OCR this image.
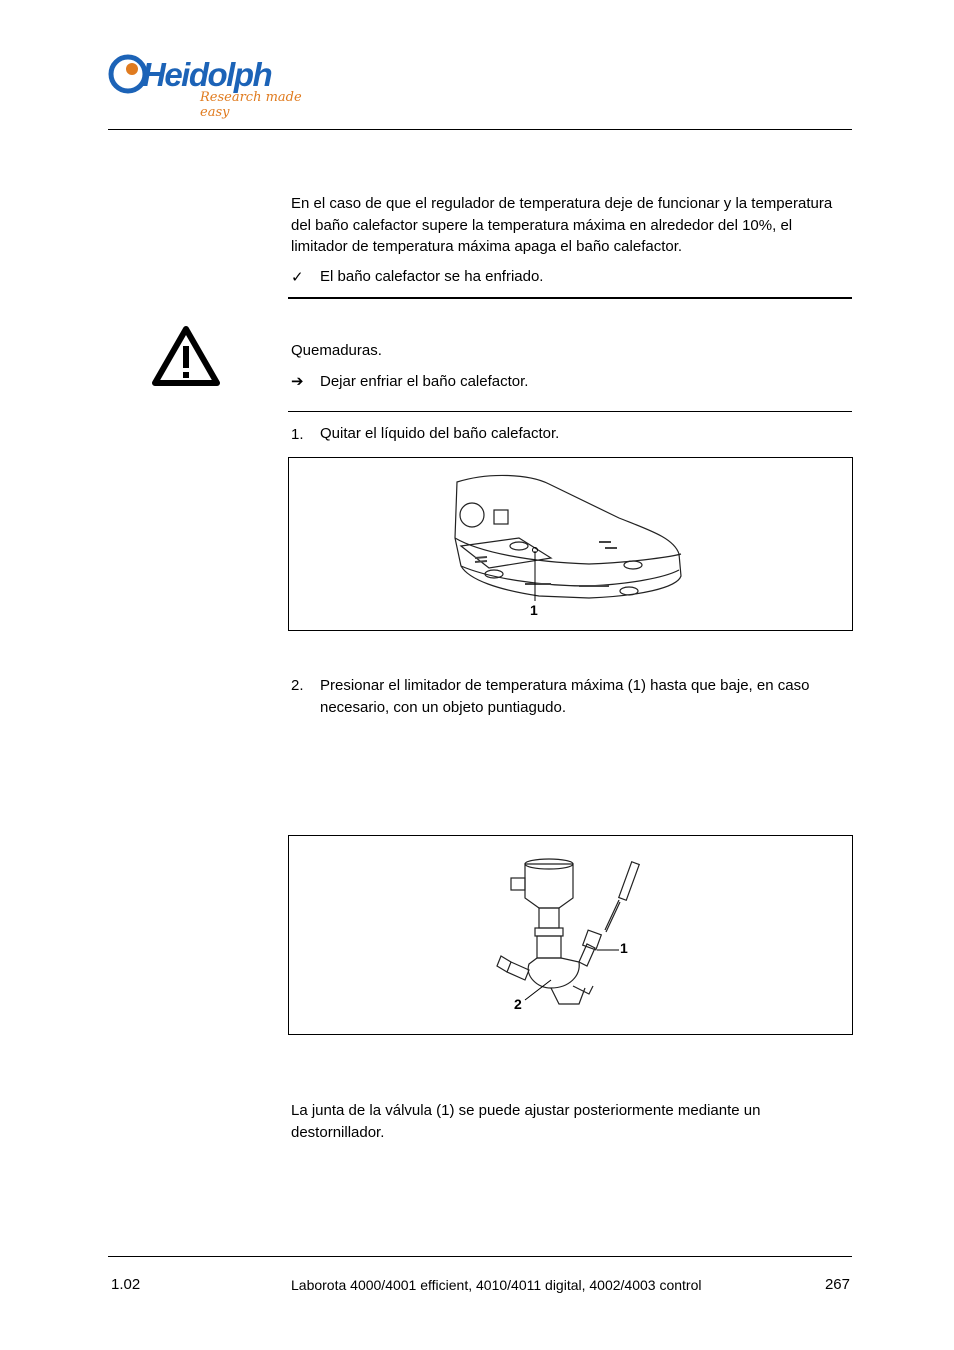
Heidolph
Research made easy
En el caso de que el regulador de temperatura deje de funcionar y la temperatura del baño calefactor supere la temperatura máxima en alrededor del 10%, el limitador de temperatura máxima apaga el baño calefactor.
✓ El baño calefactor se ha enfriado.
Quemaduras.
➔ Dejar enfriar el baño calefactor.
1. Quitar el líquido del baño calefactor.
1
2. Presionar el limitador de temperatura máxima (1) hasta que baje, en caso necesario, con un objeto puntiagudo.
1
2
La junta de la válvula (1) se puede ajustar posteriormente mediante un destornillador.
1.02	Laborota 4000/4001 efficient, 4010/4011 digital, 4002/4003 control	267
